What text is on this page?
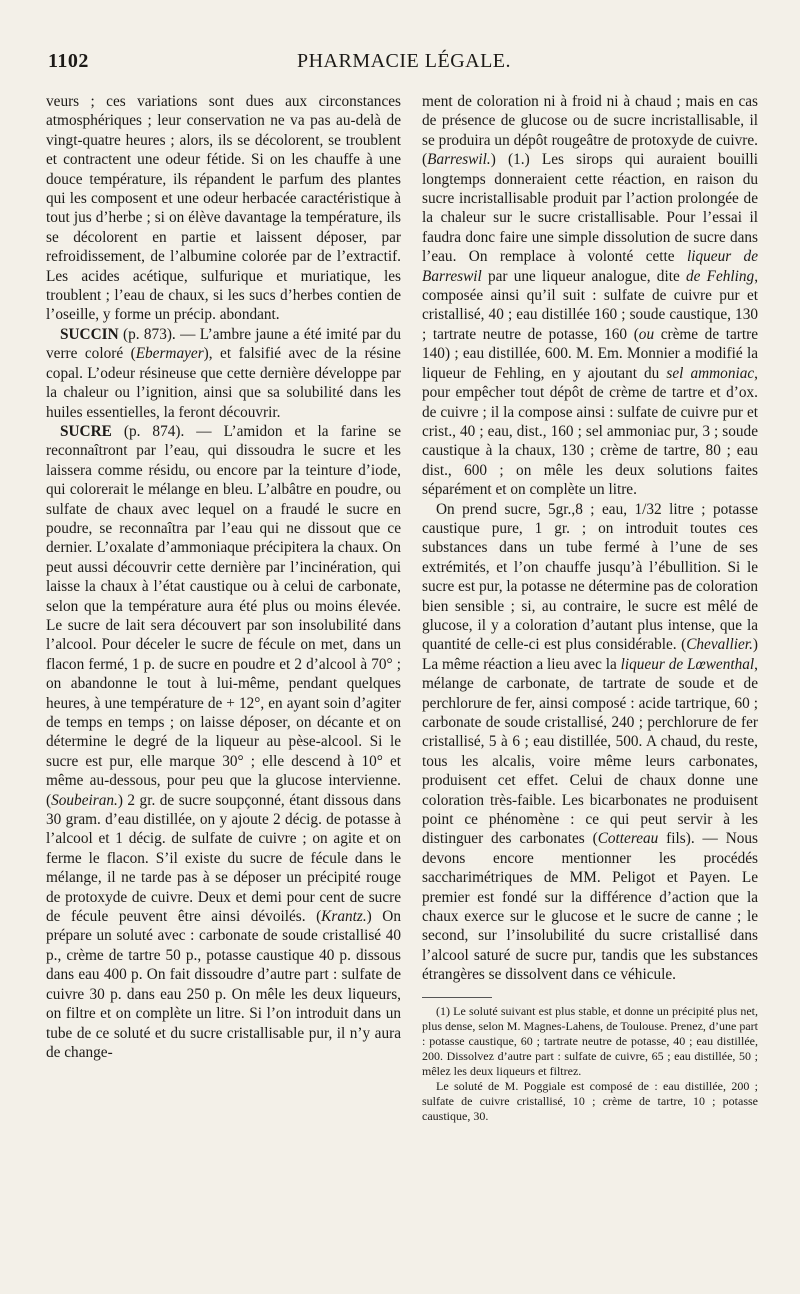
1102	PHARMACIE LÉGALE.

veurs ; ces variations sont dues aux circonstances atmosphériques ; leur conservation ne va pas au-delà de vingt-quatre heures ; alors, ils se décolorent, se troublent et contractent une odeur fétide. Si on les chauffe à une douce température, ils répandent le parfum des plantes qui les composent et une odeur herbacée caractéristique à tout jus d’herbe ; si on élève davantage la température, ils se décolorent en partie et laissent déposer, par refroidissement, de l’albumine colorée par de l’extractif. Les acides acétique, sulfurique et muriatique, les troublent ; l’eau de chaux, si les sucs d’herbes contien de l’oseille, y forme un précip. abondant.

SUCCIN (p. 873). — L’ambre jaune a été imité par du verre coloré (Ebermayer), et falsifié avec de la résine copal. L’odeur résineuse que cette dernière développe par la chaleur ou l’ignition, ainsi que sa solubilité dans les huiles essentielles, la feront découvrir.

SUCRE (p. 874). — L’amidon et la farine se reconnaîtront par l’eau, qui dissoudra le sucre et les laissera comme résidu, ou encore par la teinture d’iode, qui colorerait le mélange en bleu. L’albâtre en poudre, ou sulfate de chaux avec lequel on a fraudé le sucre en poudre, se reconnaîtra par l’eau qui ne dissout que ce dernier. L’oxalate d’ammoniaque précipitera la chaux. On peut aussi découvrir cette dernière par l’incinération, qui laisse la chaux à l’état caustique ou à celui de carbonate, selon que la température aura été plus ou moins élevée. Le sucre de lait sera découvert par son insolubilité dans l’alcool. Pour déceler le sucre de fécule on met, dans un flacon fermé, 1 p. de sucre en poudre et 2 d’alcool à 70° ; on abandonne le tout à lui-même, pendant quelques heures, à une température de + 12°, en ayant soin d’agiter de temps en temps ; on laisse déposer, on décante et on détermine le degré de la liqueur au pèse-alcool. Si le sucre est pur, elle marque 30° ; elle descend à 10° et même au-dessous, pour peu que la glucose intervienne. (Soubeiran.) 2 gr. de sucre soupçonné, étant dissous dans 30 gram. d’eau distillée, on y ajoute 2 décig. de potasse à l’alcool et 1 décig. de sulfate de cuivre ; on agite et on ferme le flacon. S’il existe du sucre de fécule dans le mélange, il ne tarde pas à se déposer un précipité rouge de protoxyde de cuivre. Deux et demi pour cent de sucre de fécule peuvent être ainsi dévoilés. (Krantz.) On prépare un soluté avec : carbonate de soude cristallisé 40 p., crème de tartre 50 p., potasse caustique 40 p. dissous dans eau 400 p. On fait dissoudre d’autre part : sulfate de cuivre 30 p. dans eau 250 p. On mêle les deux liqueurs, on filtre et on complète un litre. Si l’on introduit dans un tube de ce soluté et du sucre cristallisable pur, il n’y aura de change-

ment de coloration ni à froid ni à chaud ; mais en cas de présence de glucose ou de sucre incristallisable, il se produira un dépôt rougeâtre de protoxyde de cuivre. (Barreswil.) (1.) Les sirops qui auraient bouilli longtemps donneraient cette réaction, en raison du sucre incristallisable produit par l’action prolongée de la chaleur sur le sucre cristallisable. Pour l’essai il faudra donc faire une simple dissolution de sucre dans l’eau. On remplace à volonté cette liqueur de Barreswil par une liqueur analogue, dite de Fehling, composée ainsi qu’il suit : sulfate de cuivre pur et cristallisé, 40 ; eau distillée 160 ; soude caustique, 130 ; tartrate neutre de potasse, 160 (ou crème de tartre 140) ; eau distillée, 600. M. Em. Monnier a modifié la liqueur de Fehling, en y ajoutant du sel ammoniac, pour empêcher tout dépôt de crème de tartre et d’ox. de cuivre ; il la compose ainsi : sulfate de cuivre pur et crist., 40 ; eau, dist., 160 ; sel ammoniac pur, 3 ; soude caustique à la chaux, 130 ; crème de tartre, 80 ; eau dist., 600 ; on mêle les deux solutions faites séparément et on complète un litre.

On prend sucre, 5gr.,8 ; eau, 1/32 litre ; potasse caustique pure, 1 gr. ; on introduit toutes ces substances dans un tube fermé à l’une de ses extrémités, et l’on chauffe jusqu’à l’ébullition. Si le sucre est pur, la potasse ne détermine pas de coloration bien sensible ; si, au contraire, le sucre est mêlé de glucose, il y a coloration d’autant plus intense, que la quantité de celle-ci est plus considérable. (Chevallier.) La même réaction a lieu avec la liqueur de Lœwenthal, mélange de carbonate, de tartrate de soude et de perchlorure de fer, ainsi composé : acide tartrique, 60 ; carbonate de soude cristallisé, 240 ; perchlorure de fer cristallisé, 5 à 6 ; eau distillée, 500. A chaud, du reste, tous les alcalis, voire même leurs carbonates, produisent cet effet. Celui de chaux donne une coloration très-faible. Les bicarbonates ne produisent point ce phénomène : ce qui peut servir à les distinguer des carbonates (Cottereau fils). — Nous devons encore mentionner les procédés saccharimétriques de MM. Peligot et Payen. Le premier est fondé sur la différence d’action que la chaux exerce sur le glucose et le sucre de canne ; le second, sur l’insolubilité du sucre cristallisé dans l’alcool saturé de sucre pur, tandis que les substances étrangères se dissolvent dans ce véhicule.

(1) Le soluté suivant est plus stable, et donne un précipité plus net, plus dense, selon M. Magnes-Lahens, de Toulouse. Prenez, d’une part : potasse caustique, 60 ; tartrate neutre de potasse, 40 ; eau distillée, 200. Dissolvez d’autre part : sulfate de cuivre, 65 ; eau distillée, 50 ; mêlez les deux liqueurs et filtrez.

Le soluté de M. Poggiale est composé de : eau distillée, 200 ; sulfate de cuivre cristallisé, 10 ; crème de tartre, 10 ; potasse caustique, 30.
